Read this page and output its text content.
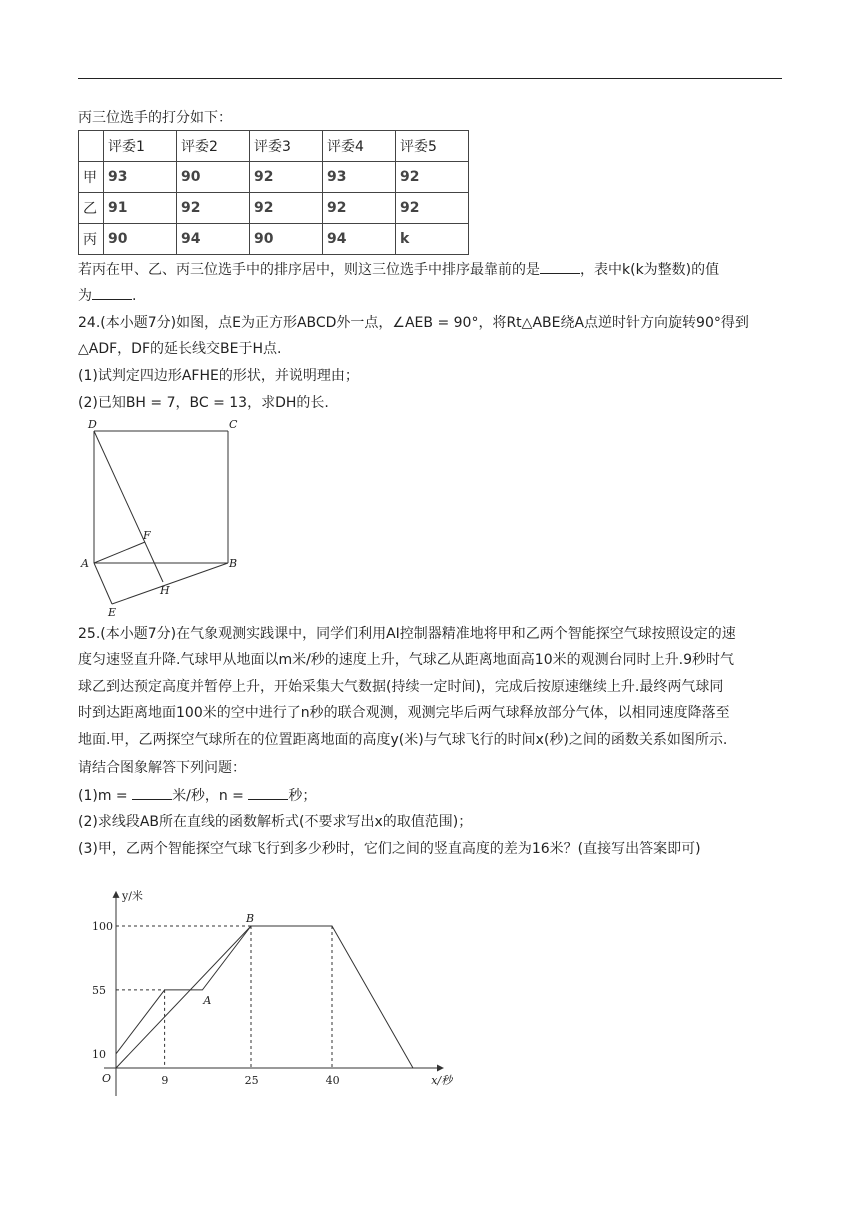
丙三位选手的打分如下：
	评委1	评委2	评委3	评委4	评委5
甲	93	90	92	93	92
乙	91	92	92	92	92
丙	90	94	90	94	k
若丙在甲、乙、丙三位选手中的排序居中，则这三位选手中排序最靠前的是	，表中k(k为整数)的值
为	.
24.(本小题7分)如图，点E为正方形ABCD外一点，∠AEB = 90°，将Rt△ABE绕A点逆时针方向旋转90°得到
△ADF，DF的延长线交BE于H点.
(1)试判定四边形AFHE的形状，并说明理由；
(2)已知BH = 7，BC = 13，求DH的长.
D	C
F
A	B
H
E
25.(本小题7分)在气象观测实践课中，同学们利用AI控制器精准地将甲和乙两个智能探空气球按照设定的速
度匀速竖直升降.气球甲从地面以m米/秒的速度上升，气球乙从距离地面高10米的观测台同时上升.9秒时气
球乙到达预定高度并暂停上升，开始采集大气数据(持续一定时间)，完成后按原速继续上升.最终两气球同
时到达距离地面100米的空中进行了n秒的联合观测，观测完毕后两气球释放部分气体，以相同速度降落至
地面.甲，乙两探空气球所在的位置距离地面的高度y(米)与气球飞行的时间x(秒)之间的函数关系如图所示.
请结合图象解答下列问题：
(1)m =	米/秒，n =	秒；
(2)求线段AB所在直线的函数解析式(不要求写出x的取值范围)；
(3)甲，乙两个智能探空气球飞行到多少秒时，它们之间的竖直高度的差为16米？(直接写出答案即可)
x/秒
y/米
O
10
55
100
9	25	40
A
B
